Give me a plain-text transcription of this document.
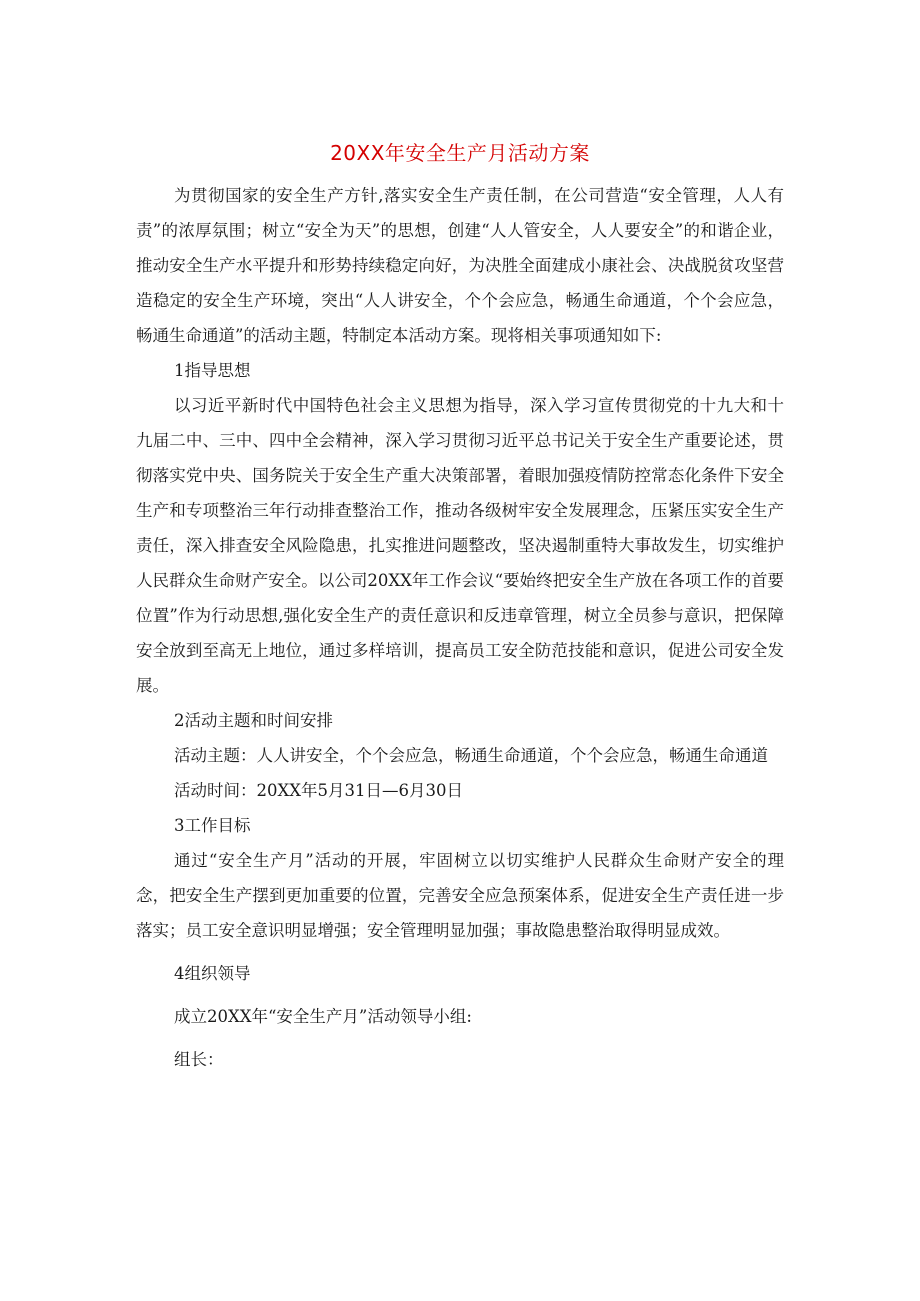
20XX年安全生产月活动方案

为贯彻国家的安全生产方针,落实安全生产责任制，在公司营造“安全管理，人人有责”的浓厚氛围；树立“安全为天”的思想，创建“人人管安全，人人要安全”的和谐企业，推动安全生产水平提升和形势持续稳定向好，为决胜全面建成小康社会、决战脱贫攻坚营造稳定的安全生产环境，突出“人人讲安全，个个会应急，畅通生命通道，个个会应急，畅通生命通道”的活动主题，特制定本活动方案。现将相关事项通知如下:

1指导思想

以习近平新时代中国特色社会主义思想为指导，深入学习宣传贯彻党的十九大和十九届二中、三中、四中全会精神，深入学习贯彻习近平总书记关于安全生产重要论述，贯彻落实党中央、国务院关于安全生产重大决策部署，着眼加强疫情防控常态化条件下安全生产和专项整治三年行动排查整治工作，推动各级树牢安全发展理念，压紧压实安全生产责任，深入排查安全风险隐患，扎实推进问题整改，坚决遏制重特大事故发生，切实维护人民群众生命财产安全。以公司20XX年工作会议“要始终把安全生产放在各项工作的首要位置”作为行动思想,强化安全生产的责任意识和反违章管理，树立全员参与意识，把保障安全放到至高无上地位，通过多样培训，提高员工安全防范技能和意识，促进公司安全发展。

2活动主题和时间安排

活动主题：人人讲安全，个个会应急，畅通生命通道，个个会应急，畅通生命通道

活动时间：20XX年5月31日—6月30日

3工作目标

通过“安全生产月”活动的开展，牢固树立以切实维护人民群众生命财产安全的理念，把安全生产摆到更加重要的位置，完善安全应急预案体系，促进安全生产责任进一步落实；员工安全意识明显增强；安全管理明显加强；事故隐患整治取得明显成效。

4组织领导

成立20XX年“安全生产月”活动领导小组:

组长：
